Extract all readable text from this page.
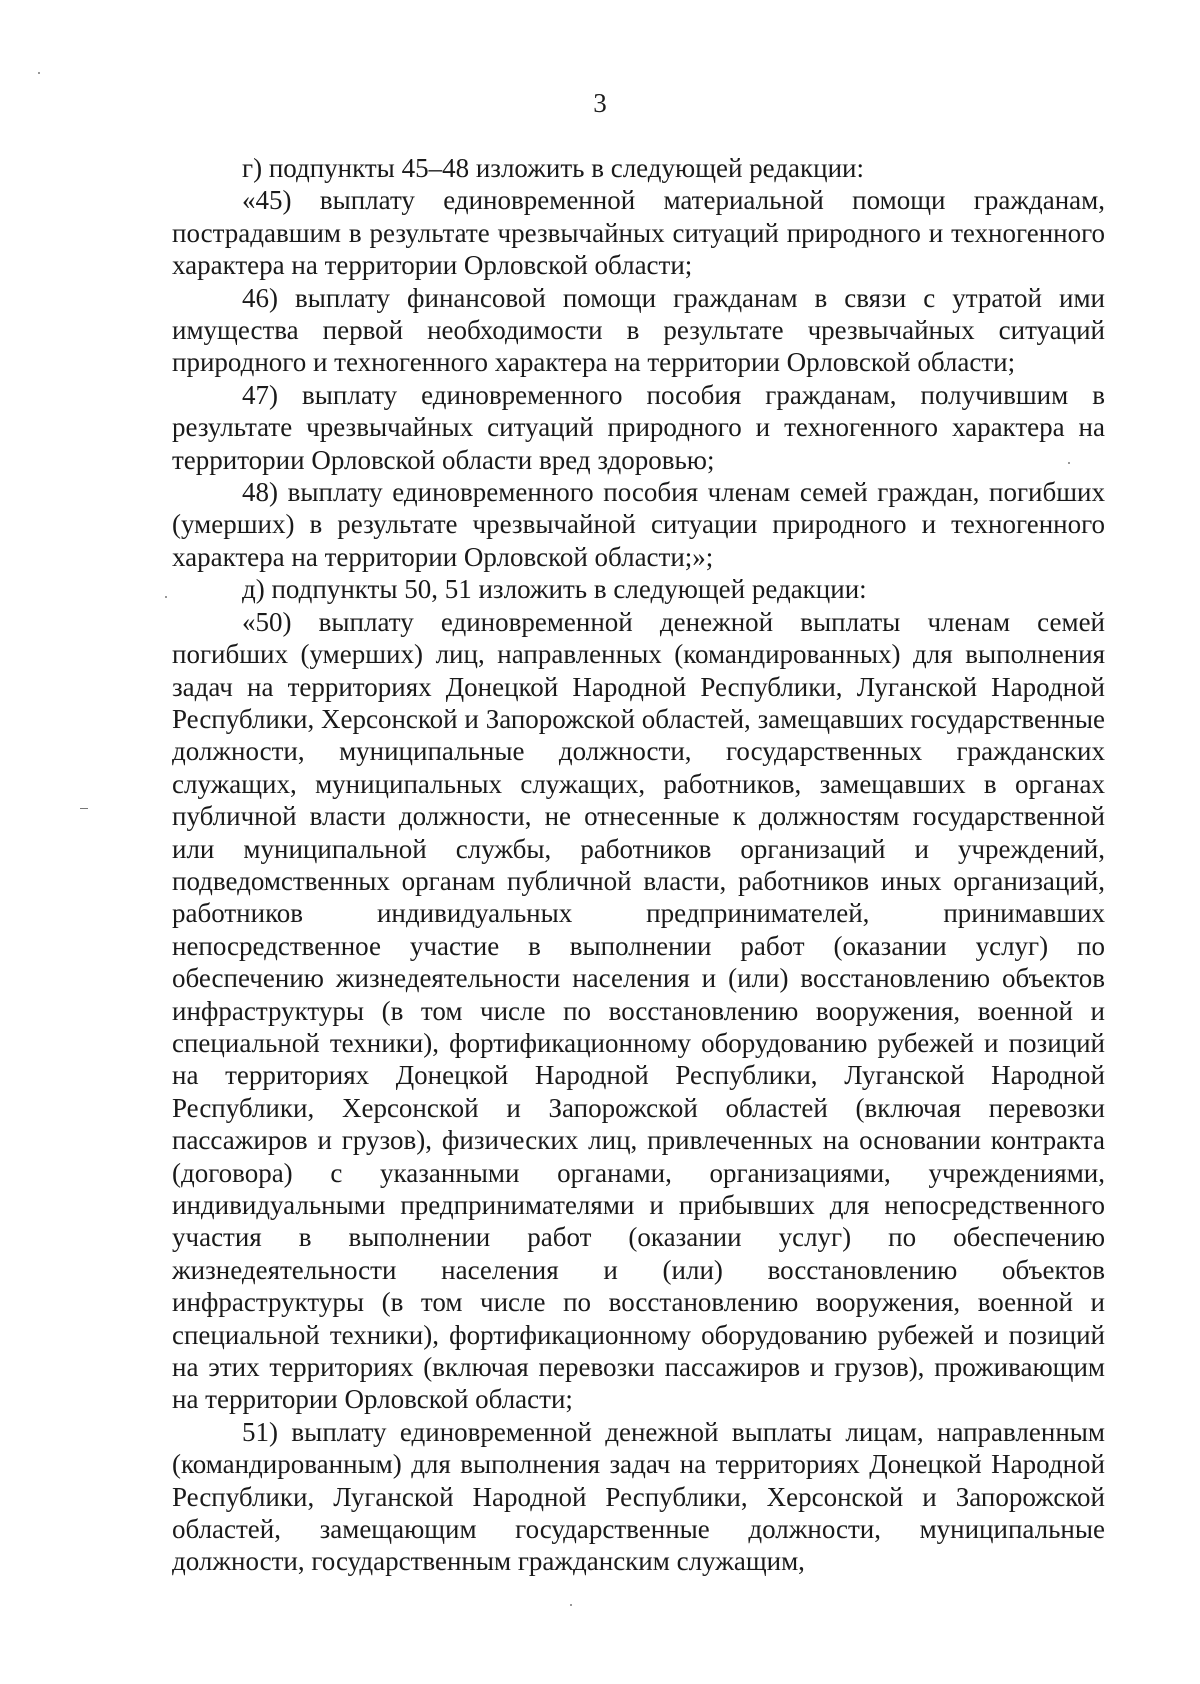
3

г) подпункты 45–48 изложить в следующей редакции:

«45) выплату единовременной материальной помощи гражданам, пострадавшим в результате чрезвычайных ситуаций природного и техногенного характера на территории Орловской области;

46) выплату финансовой помощи гражданам в связи с утратой ими имущества первой необходимости в результате чрезвычайных ситуаций природного и техногенного характера на территории Орловской области;

47) выплату единовременного пособия гражданам, получившим в результате чрезвычайных ситуаций природного и техногенного характера на территории Орловской области вред здоровью;

48) выплату единовременного пособия членам семей граждан, погибших (умерших) в результате чрезвычайной ситуации природного и техногенного характера на территории Орловской области;»;

д) подпункты 50, 51 изложить в следующей редакции:

«50) выплату единовременной денежной выплаты членам семей погибших (умерших) лиц, направленных (командированных) для выполнения задач на территориях Донецкой Народной Республики, Луганской Народной Республики, Херсонской и Запорожской областей, замещавших государственные должности, муниципальные должности, государственных гражданских служащих, муниципальных служащих, работников, замещавших в органах публичной власти должности, не отнесенные к должностям государственной или муниципальной службы, работников организаций и учреждений, подведомственных органам публичной власти, работников иных организаций, работников индивидуальных предпринимателей, принимавших непосредственное участие в выполнении работ (оказании услуг) по обеспечению жизнедеятельности населения и (или) восстановлению объектов инфраструктуры (в том числе по восстановлению вооружения, военной и специальной техники), фортификационному оборудованию рубежей и позиций на территориях Донецкой Народной Республики, Луганской Народной Республики, Херсонской и Запорожской областей (включая перевозки пассажиров и грузов), физических лиц, привлеченных на основании контракта (договора) с указанными органами, организациями, учреждениями, индивидуальными предпринимателями и прибывших для непосредственного участия в выполнении работ (оказании услуг) по обеспечению жизнедеятельности населения и (или) восстановлению объектов инфраструктуры (в том числе по восстановлению вооружения, военной и специальной техники), фортификационному оборудованию рубежей и позиций на этих территориях (включая перевозки пассажиров и грузов), проживающим на территории Орловской области;

51) выплату единовременной денежной выплаты лицам, направленным (командированным) для выполнения задач на территориях Донецкой Народной Республики, Луганской Народной Республики, Херсонской и Запорожской областей, замещающим государственные должности, муниципальные должности, государственным гражданским служащим,
